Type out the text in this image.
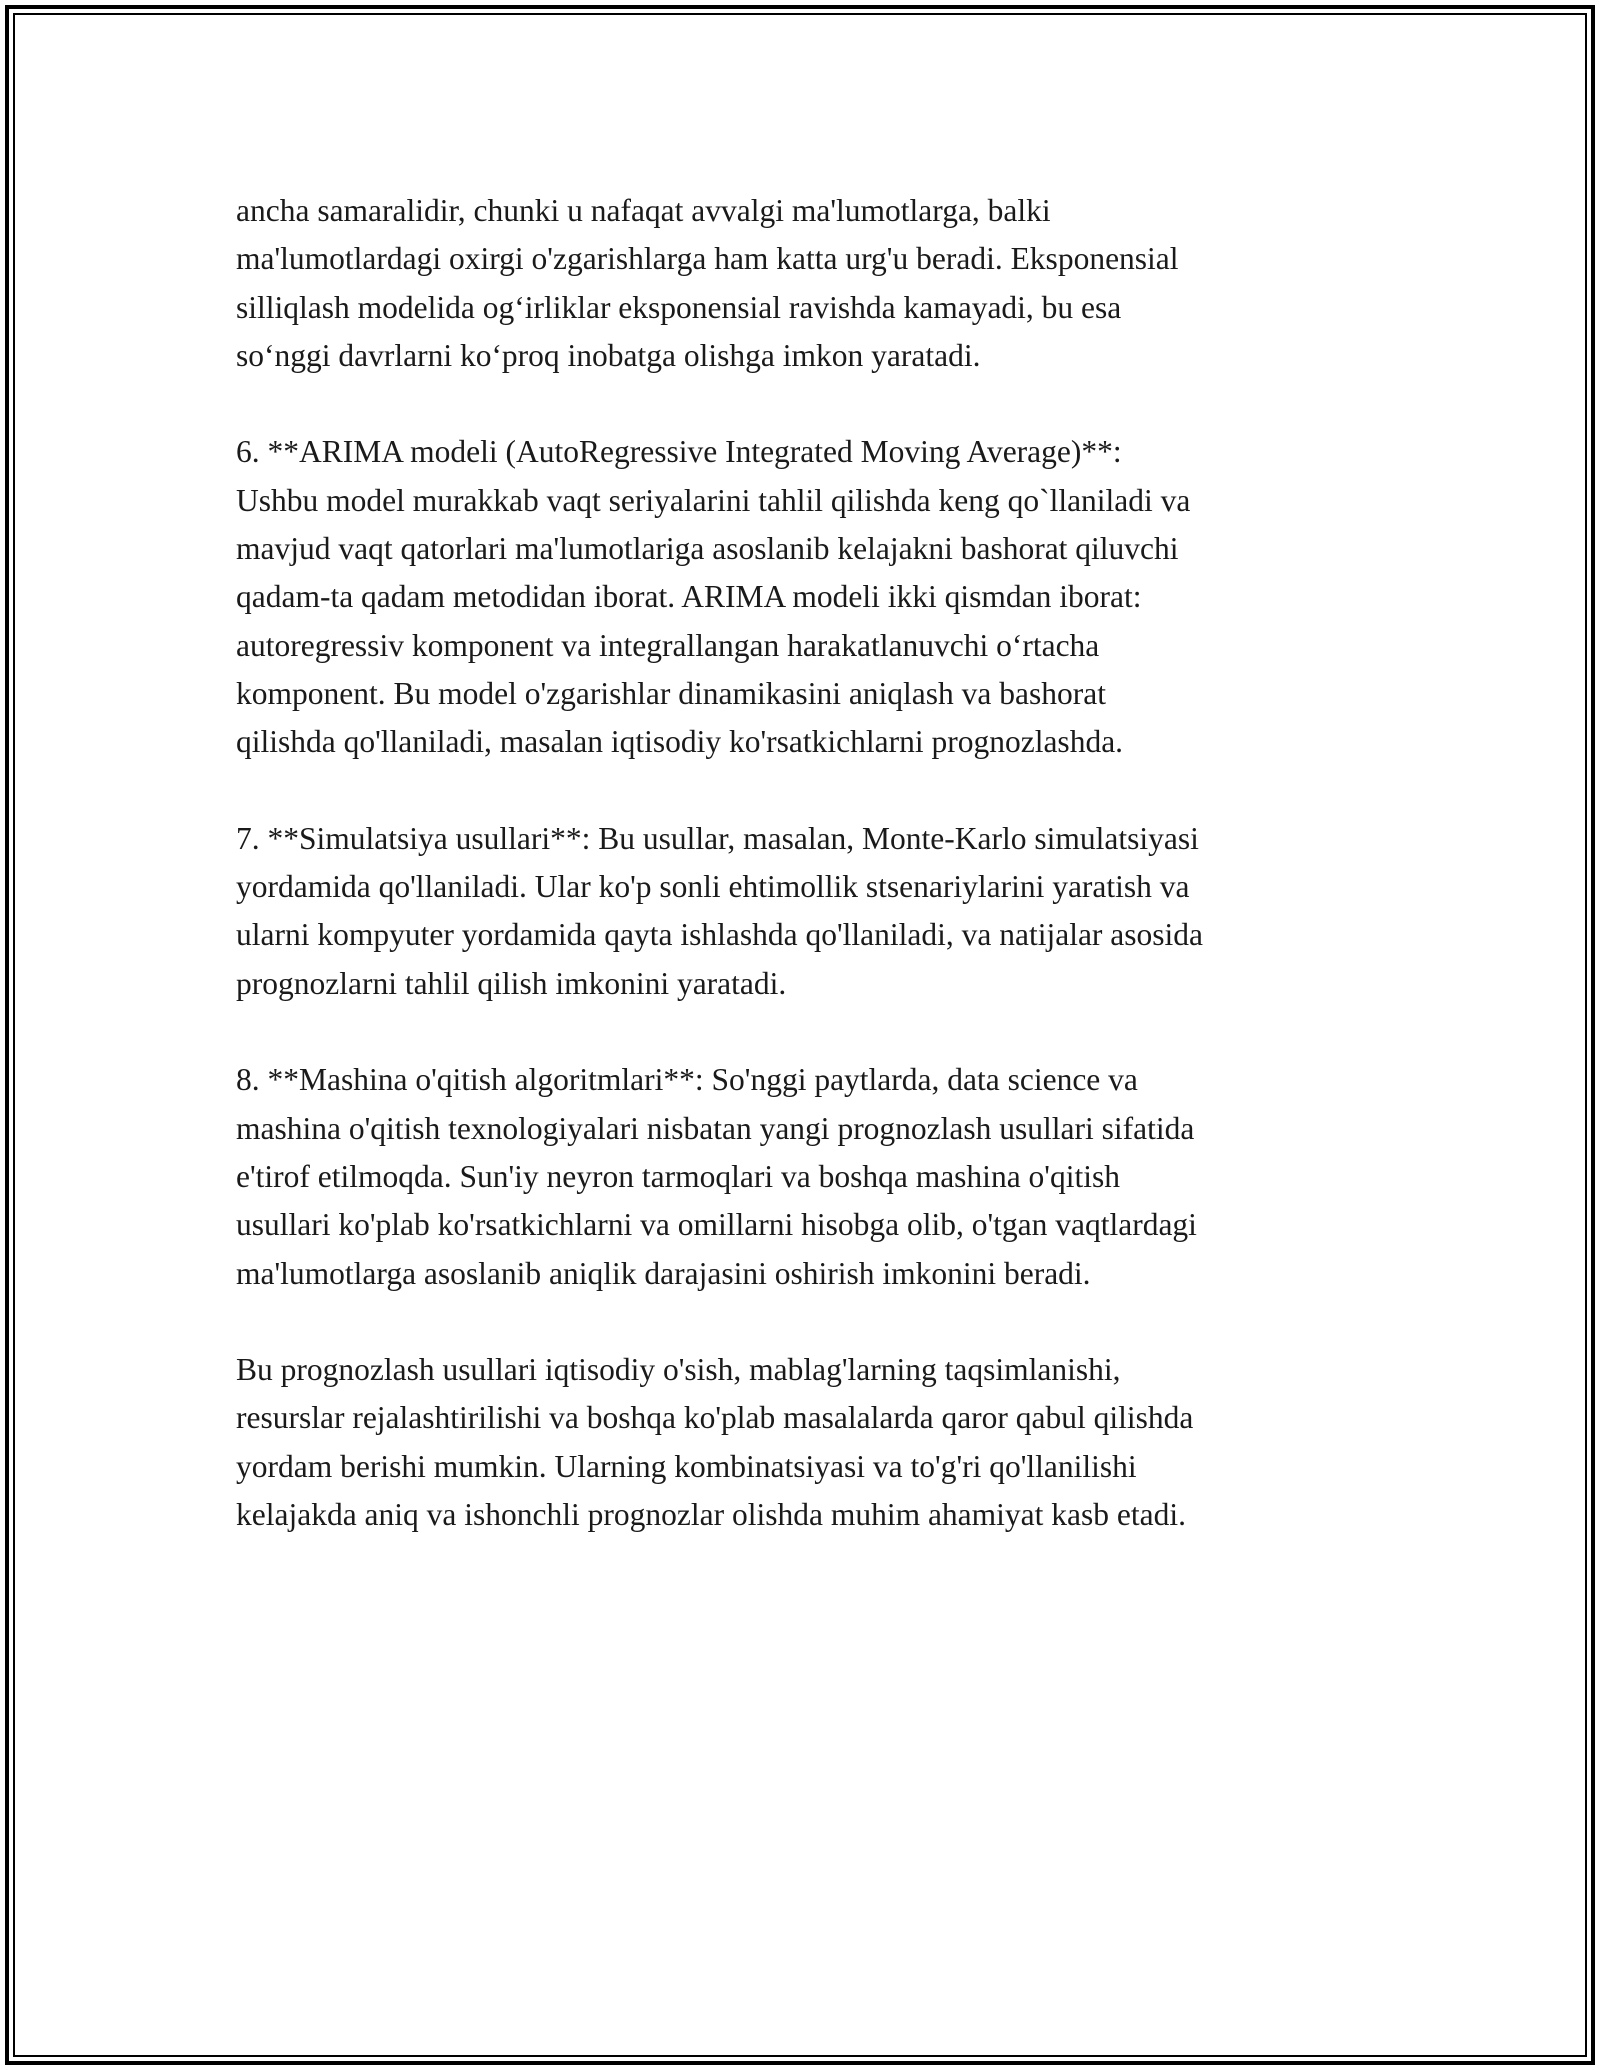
ancha samaralidir, chunki u nafaqat avvalgi ma'lumotlarga, balki
ma'lumotlardagi oxirgi o'zgarishlarga ham katta urg'u beradi. Eksponensial
silliqlash modelida og‘irliklar eksponensial ravishda kamayadi, bu esa
so‘nggi davrlarni ko‘proq inobatga olishga imkon yaratadi.

6. **ARIMA modeli (AutoRegressive Integrated Moving Average)**:
Ushbu model murakkab vaqt seriyalarini tahlil qilishda keng qo`llaniladi va
mavjud vaqt qatorlari ma'lumotlariga asoslanib kelajakni bashorat qiluvchi
qadam-ta qadam metodidan iborat. ARIMA modeli ikki qismdan iborat:
autoregressiv komponent va integrallangan harakatlanuvchi o‘rtacha
komponent. Bu model o'zgarishlar dinamikasini aniqlash va bashorat
qilishda qo'llaniladi, masalan iqtisodiy ko'rsatkichlarni prognozlashda.

7. **Simulatsiya usullari**: Bu usullar, masalan, Monte-Karlo simulatsiyasi
yordamida qo'llaniladi. Ular ko'p sonli ehtimollik stsenariylarini yaratish va
ularni kompyuter yordamida qayta ishlashda qo'llaniladi, va natijalar asosida
prognozlarni tahlil qilish imkonini yaratadi.

8. **Mashina o'qitish algoritmlari**: So'nggi paytlarda, data science va
mashina o'qitish texnologiyalari nisbatan yangi prognozlash usullari sifatida
e'tirof etilmoqda. Sun'iy neyron tarmoqlari va boshqa mashina o'qitish
usullari ko'plab ko'rsatkichlarni va omillarni hisobga olib, o'tgan vaqtlardagi
ma'lumotlarga asoslanib aniqlik darajasini oshirish imkonini beradi.

Bu prognozlash usullari iqtisodiy o'sish, mablag'larning taqsimlanishi,
resurslar rejalashtirilishi va boshqa ko'plab masalalarda qaror qabul qilishda
yordam berishi mumkin. Ularning kombinatsiyasi va to'g'ri qo'llanilishi
kelajakda aniq va ishonchli prognozlar olishda muhim ahamiyat kasb etadi.
